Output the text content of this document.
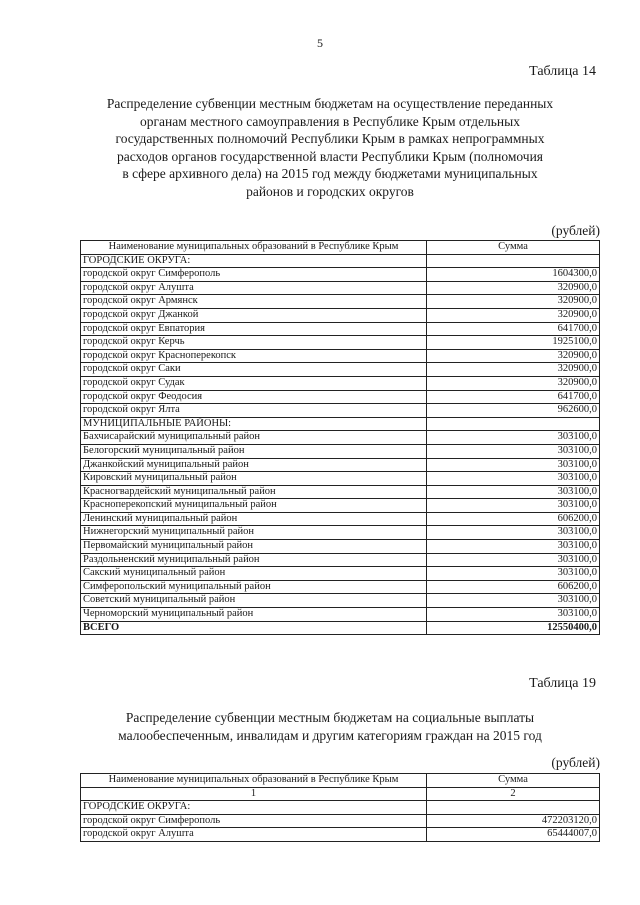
5
Таблица 14
Распределение субвенции местным бюджетам на осуществление переданных
органам местного самоуправления в Республике Крым отдельных
государственных полномочий Республики Крым в рамках непрограммных
расходов органов государственной власти Республики Крым (полномочия
в сфере архивного дела) на 2015 год между бюджетами муниципальных
районов и городских округов
(рублей)
Наименование муниципальных образований в Республике Крым	Сумма
ГОРОДСКИЕ ОКРУГА:	
городской округ Симферополь	1604300,0
городской округ Алушта	320900,0
городской округ Армянск	320900,0
городской округ Джанкой	320900,0
городской округ Евпатория	641700,0
городской округ Керчь	1925100,0
городской округ Красноперекопск	320900,0
городской округ Саки	320900,0
городской округ Судак	320900,0
городской округ Феодосия	641700,0
городской округ Ялта	962600,0
МУНИЦИПАЛЬНЫЕ РАЙОНЫ:	
Бахчисарайский муниципальный район	303100,0
Белогорский муниципальный район	303100,0
Джанкойский муниципальный район	303100,0
Кировский муниципальный район	303100,0
Красногвардейский муниципальный район	303100,0
Красноперекопский муниципальный район	303100,0
Ленинский муниципальный район	606200,0
Нижнегорский муниципальный район	303100,0
Первомайский муниципальный район	303100,0
Раздольненский муниципальный район	303100,0
Сакский муниципальный район	303100,0
Симферопольский муниципальный район	606200,0
Советский муниципальный район	303100,0
Черноморский муниципальный район	303100,0
ВСЕГО	12550400,0
Таблица 19
Распределение субвенции местным бюджетам на социальные выплаты
малообеспеченным, инвалидам и другим категориям граждан на 2015 год
(рублей)
Наименование муниципальных образований в Республике Крым	Сумма
1	2
ГОРОДСКИЕ ОКРУГА:	
городской округ Симферополь	472203120,0
городской округ Алушта	65444007,0
